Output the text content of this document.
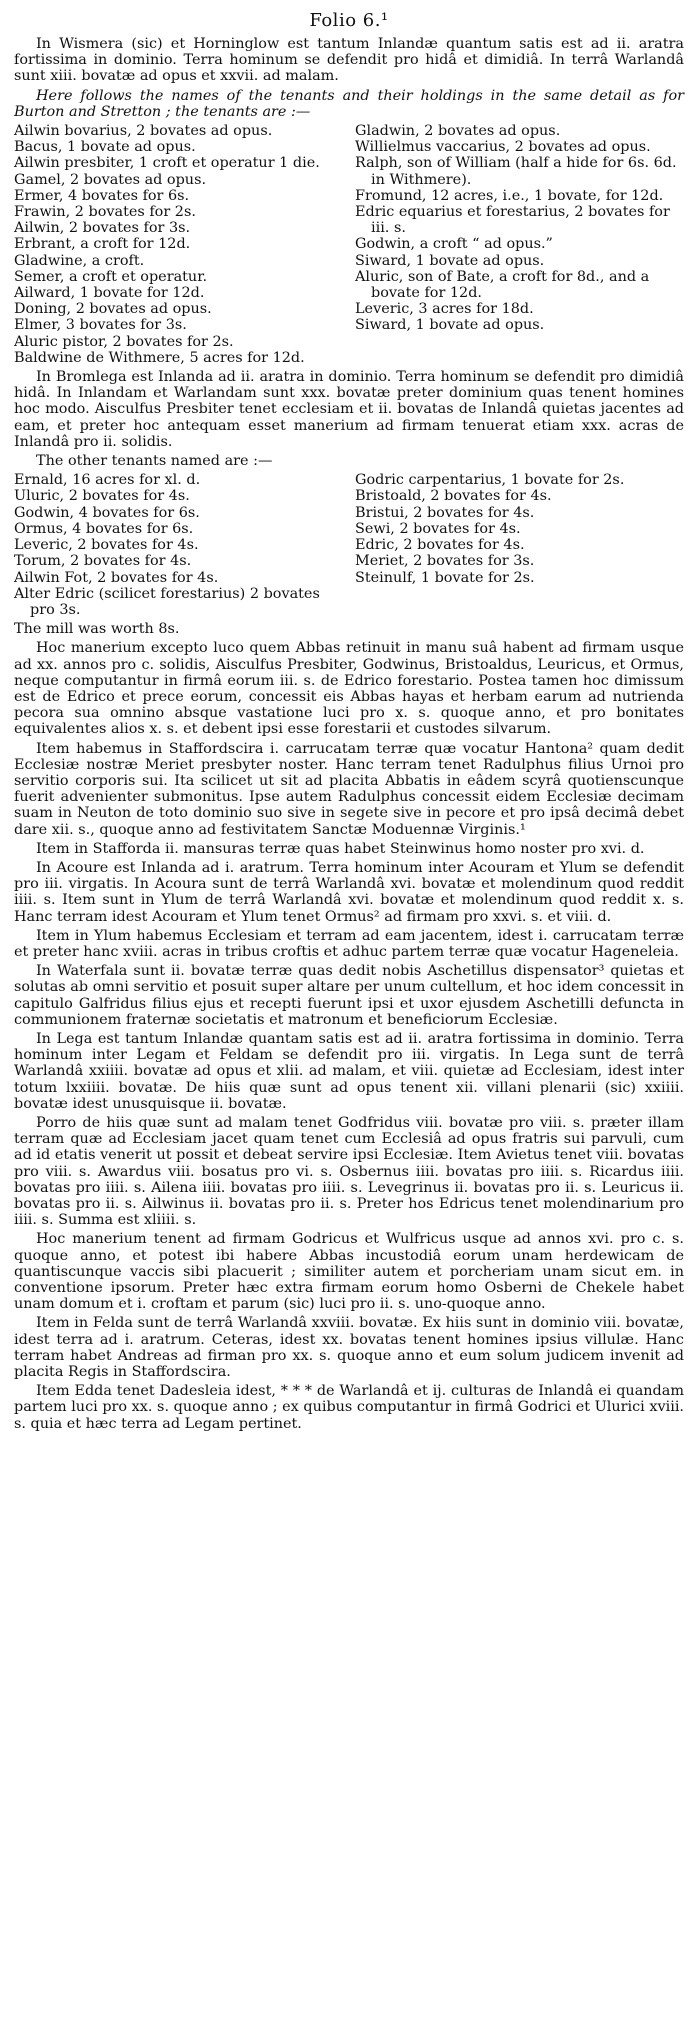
Folio 6.¹

In Wismera (sic) et Horninglow est tantum Inlandæ quantum satis est ad ii. aratra fortissima in dominio. Terra hominum se defendit pro hidâ et dimidiâ. In terrâ Warlandâ sunt xiii. bovatæ ad opus et xxvii. ad malam.

Here follows the names of the tenants and their holdings in the same detail as for Burton and Stretton ; the tenants are :—

Ailwin bovarius, 2 bovates ad opus.
Bacus, 1 bovate ad opus.
Ailwin presbiter, 1 croft et operatur 1 die.
Gamel, 2 bovates ad opus.
Ermer, 4 bovates for 6s.
Frawin, 2 bovates for 2s.
Ailwin, 2 bovates for 3s.
Erbrant, a croft for 12d.
Gladwine, a croft.
Semer, a croft et operatur.
Ailward, 1 bovate for 12d.
Doning, 2 bovates ad opus.
Elmer, 3 bovates for 3s.
Aluric pistor, 2 bovates for 2s.
Baldwine de Withmere, 5 acres for 12d.
Gladwin, 2 bovates ad opus.
Willielmus vaccarius, 2 bovates ad opus.
Ralph, son of William (half a hide for 6s. 6d. in Withmere).
Fromund, 12 acres, i.e., 1 bovate, for 12d.
Edric equarius et forestarius, 2 bovates for iii. s.
Godwin, a croft “ ad opus.”
Siward, 1 bovate ad opus.
Aluric, son of Bate, a croft for 8d., and a bovate for 12d.
Leveric, 3 acres for 18d.
Siward, 1 bovate ad opus.

In Bromlega est Inlanda ad ii. aratra in dominio. Terra hominum se defendit pro dimidiâ hidâ. In Inlandam et Warlandam sunt xxx. bovatæ preter dominium quas tenent homines hoc modo. Aisculfus Presbiter tenet ecclesiam et ii. bovatas de Inlandâ quietas jacentes ad eam, et preter hoc antequam esset manerium ad firmam tenuerat etiam xxx. acras de Inlandâ pro ii. solidis.

The other tenants named are :—

Ernald, 16 acres for xl. d.
Uluric, 2 bovates for 4s.
Godwin, 4 bovates for 6s.
Ormus, 4 bovates for 6s.
Leveric, 2 bovates for 4s.
Torum, 2 bovates for 4s.
Ailwin Fot, 2 bovates for 4s.
Alter Edric (scilicet forestarius) 2 bovates pro 3s.
Godric carpentarius, 1 bovate for 2s.
Bristoald, 2 bovates for 4s.
Bristui, 2 bovates for 4s.
Sewi, 2 bovates for 4s.
Edric, 2 bovates for 4s.
Meriet, 2 bovates for 3s.
Steinulf, 1 bovate for 2s.

The mill was worth 8s.

Hoc manerium excepto luco quem Abbas retinuit in manu suâ habent ad firmam usque ad xx. annos pro c. solidis, Aisculfus Presbiter, Godwinus, Bristoaldus, Leuricus, et Ormus, neque computantur in firmâ eorum iii. s. de Edrico forestario. Postea tamen hoc dimissum est de Edrico et prece eorum, concessit eis Abbas hayas et herbam earum ad nutrienda pecora sua omnino absque vastatione luci pro x. s. quoque anno, et pro bonitates equivalentes alios x. s. et debent ipsi esse forestarii et custodes silvarum.

Item habemus in Staffordscira i. carrucatam terræ quæ vocatur Hantona² quam dedit Ecclesiæ nostræ Meriet presbyter noster. Hanc terram tenet Radulphus filius Urnoi pro servitio corporis sui. Ita scilicet ut sit ad placita Abbatis in eâdem scyrâ quotienscunque fuerit advenienter submonitus. Ipse autem Radulphus concessit eidem Ecclesiæ decimam suam in Neuton de toto dominio suo sive in segete sive in pecore et pro ipsâ decimâ debet dare xii. s., quoque anno ad festivitatem Sanctæ Moduennæ Virginis.¹

Item in Stafforda ii. mansuras terræ quas habet Steinwinus homo noster pro xvi. d.

In Acoure est Inlanda ad i. aratrum. Terra hominum inter Acouram et Ylum se defendit pro iii. virgatis. In Acoura sunt de terrâ Warlandâ xvi. bovatæ et molendinum quod reddit iiii. s. Item sunt in Ylum de terrâ Warlandâ xvi. bovatæ et molendinum quod reddit x. s. Hanc terram idest Acouram et Ylum tenet Ormus² ad firmam pro xxvi. s. et viii. d.

Item in Ylum habemus Ecclesiam et terram ad eam jacentem, idest i. carrucatam terræ et preter hanc xviii. acras in tribus croftis et adhuc partem terræ quæ vocatur Hageneleia.

In Waterfala sunt ii. bovatæ terræ quas dedit nobis Aschetillus dispensator³ quietas et solutas ab omni servitio et posuit super altare per unum cultellum, et hoc idem concessit in capitulo Galfridus filius ejus et recepti fuerunt ipsi et uxor ejusdem Aschetilli defuncta in communionem fraternæ societatis et matronum et beneficiorum Ecclesiæ.

In Lega est tantum Inlandæ quantam satis est ad ii. aratra fortissima in dominio. Terra hominum inter Legam et Feldam se defendit pro iii. virgatis. In Lega sunt de terrâ Warlandâ xxiiii. bovatæ ad opus et xlii. ad malam, et viii. quietæ ad Ecclesiam, idest inter totum lxxiiii. bovatæ. De hiis quæ sunt ad opus tenent xii. villani plenarii (sic) xxiiii. bovatæ idest unusquisque ii. bovatæ.

Porro de hiis quæ sunt ad malam tenet Godfridus viii. bovatæ pro viii. s. præter illam terram quæ ad Ecclesiam jacet quam tenet cum Ecclesiâ ad opus fratris sui parvuli, cum ad id etatis venerit ut possit et debeat servire ipsi Ecclesiæ. Item Avietus tenet viii. bovatas pro viii. s. Awardus viii. bosatus pro vi. s. Osbernus iiii. bovatas pro iiii. s. Ricardus iiii. bovatas pro iiii. s. Ailena iiii. bovatas pro iiii. s. Levegrinus ii. bovatas pro ii. s. Leuricus ii. bovatas pro ii. s. Ailwinus ii. bovatas pro ii. s. Preter hos Edricus tenet molendinarium pro iiii. s. Summa est xliiii. s.

Hoc manerium tenent ad firmam Godricus et Wulfricus usque ad annos xvi. pro c. s. quoque anno, et potest ibi habere Abbas incustodiâ eorum unam herdewicam de quantiscunque vaccis sibi placuerit ; similiter autem et porcheriam unam sicut em. in conventione ipsorum. Preter hæc extra firmam eorum homo Osberni de Chekele habet unam domum et i. croftam et parum (sic) luci pro ii. s. uno-quoque anno.

Item in Felda sunt de terrâ Warlandâ xxviii. bovatæ. Ex hiis sunt in dominio viii. bovatæ, idest terra ad i. aratrum. Ceteras, idest xx. bovatas tenent homines ipsius villulæ. Hanc terram habet Andreas ad firman pro xx. s. quoque anno et eum solum judicem invenit ad placita Regis in Staffordscira.

Item Edda tenet Dadesleia idest, * * * de Warlandâ et ij. culturas de Inlandâ ei quandam partem luci pro xx. s. quoque anno ; ex quibus computantur in firmâ Godrici et Ulurici xviii. s. quia et hæc terra ad Legam pertinet.
